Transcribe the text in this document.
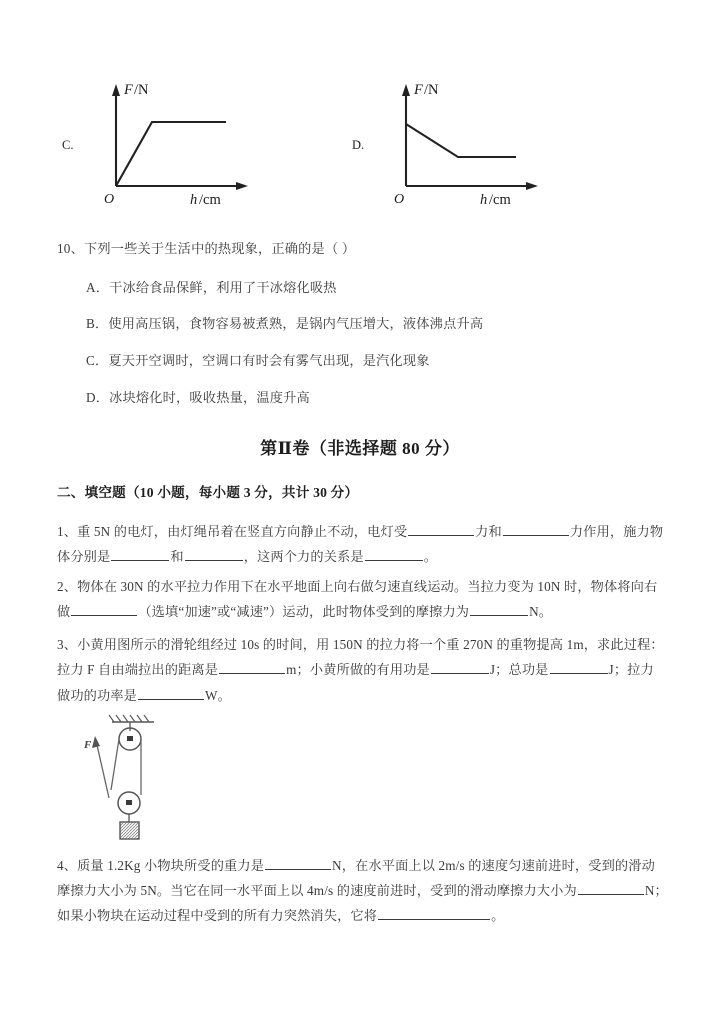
C.
F /N
O	h /cm
D.
F /N
O	h /cm
10、下列一些关于生活中的热现象，正确的是（ ）
A．干冰给食品保鲜，利用了干冰熔化吸热
B．使用高压锅，食物容易被煮熟，是锅内气压增大，液体沸点升高
C．夏天开空调时，空调口有时会有雾气出现，是汽化现象
D．冰块熔化时，吸收热量，温度升高
第Ⅱ卷（非选择题 80 分）
二、填空题（10 小题，每小题 3 分，共计 30 分）
1、重 5N 的电灯，由灯绳吊着在竖直方向静止不动，电灯受	力和	力作用，施力物
体分别是	和	，这两个力的关系是	。
2、物体在 30N 的水平拉力作用下在水平地面上向右做匀速直线运动。当拉力变为 10N 时，物体将向右
做	（选填“加速”或“减速”）运动，此时物体受到的摩擦力为	N。
3、小黄用图所示的滑轮组经过 10s 的时间，用 150N 的拉力将一个重 270N 的重物提高 1m，求此过程：
拉力 F 自由端拉出的距离是	m；小黄所做的有用功是	J；总功是	J；拉力
做功的功率是	W。
F
4、质量 1.2Kg 小物块所受的重力是	N，在水平面上以 2m/s 的速度匀速前进时，受到的滑动
摩擦力大小为 5N。当它在同一水平面上以 4m/s 的速度前进时，受到的滑动摩擦力大小为	N；
如果小物块在运动过程中受到的所有力突然消失，它将	。
